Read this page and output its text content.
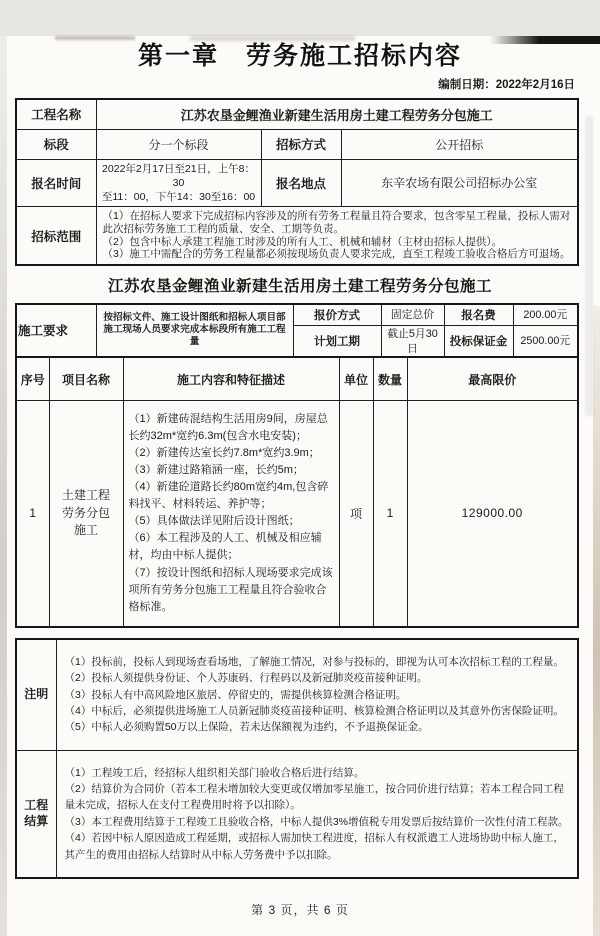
第一章　劳务施工招标内容
编制日期：2022年2月16日
工程名称	江苏农垦金鲤渔业新建生活用房土建工程劳务分包施工		
标段	分一个标段	招标方式	公开招标
报名时间	2022年2月17日至21日，上午8：30
至11：00，下午14：30至16：00	报名地点	东辛农场有限公司招标办公室
招标范围	（1）在招标人要求下完成招标内容涉及的所有劳务工程量且符合要求，包含零星工程量，投标人需对此次招标劳务施工工程的质量、安全、工期等负责。
（2）包含中标人承建工程施工时涉及的所有人工、机械和辅材（主材由招标人提供）。
（3）施工中需配合的劳务工程量都必须按现场负责人要求完成，直至工程竣工验收合格后方可退场。		
江苏农垦金鲤渔业新建生活用房土建工程劳务分包施工
施工要求	按招标文件、施工设计图纸和招标人项目部施工现场人员要求完成本标段所有施工工程量	报价方式	固定总价	报名费	200.00元
		计划工期	截止5月30日	投标保证金	2500.00元
序号	项目名称	施工内容和特征描述	单位	数量	最高限价
1	土建工程劳务分包施工	
（1）新建砖混结构生活用房9间，房屋总长约32m*宽约6.3m(包含水电安装)；
（2）新建传达室长约7.8m*宽约3.9m；
（3）新建过路箱涵一座，长约5m；
（4）新建砼道路长约80m宽约4m,包含碎料找平、材料转运、养护等；
（5）具体做法详见附后设计图纸；
（6）本工程涉及的人工、机械及相应辅材，均由中标人提供；
（7）按设计图纸和招标人现场要求完成该项所有劳务分包施工工程量且符合验收合格标准。
	项	1	129000.00
注明	（1）投标前，投标人到现场查看场地，了解施工情况，对参与投标的，即视为认可本次招标工程的工程量。
（2）投标人须提供身份证、个人苏康码、行程码以及新冠肺炎疫苗接种证明。
（3）投标人有中高风险地区旅居、停留史的，需提供核算检测合格证明。
（4）中标后，必须提供进场施工人员新冠肺炎疫苗接种证明、核算检测合格证明以及其意外伤害保险证明。
（5）中标人必须购置50万以上保险，若未达保额视为违约，不予退换保证金。

工程结算	（1）工程竣工后，经招标人组织相关部门验收合格后进行结算。
（2）结算价为合同价（若本工程未增加较大变更或仅增加零星施工，按合同价进行结算；若本工程合同工程量未完成，招标人在支付工程费用时将予以扣除）。
（3）本工程费用结算于工程竣工且验收合格，中标人提供3%增值税专用发票后按结算价一次性付清工程款。
（4）若因中标人原因造成工程延期，或招标人需加快工程进度，招标人有权派遣工人进场协助中标人施工，其产生的费用由招标人结算时从中标人劳务费中予以扣除。
第 3 页，共 6 页
